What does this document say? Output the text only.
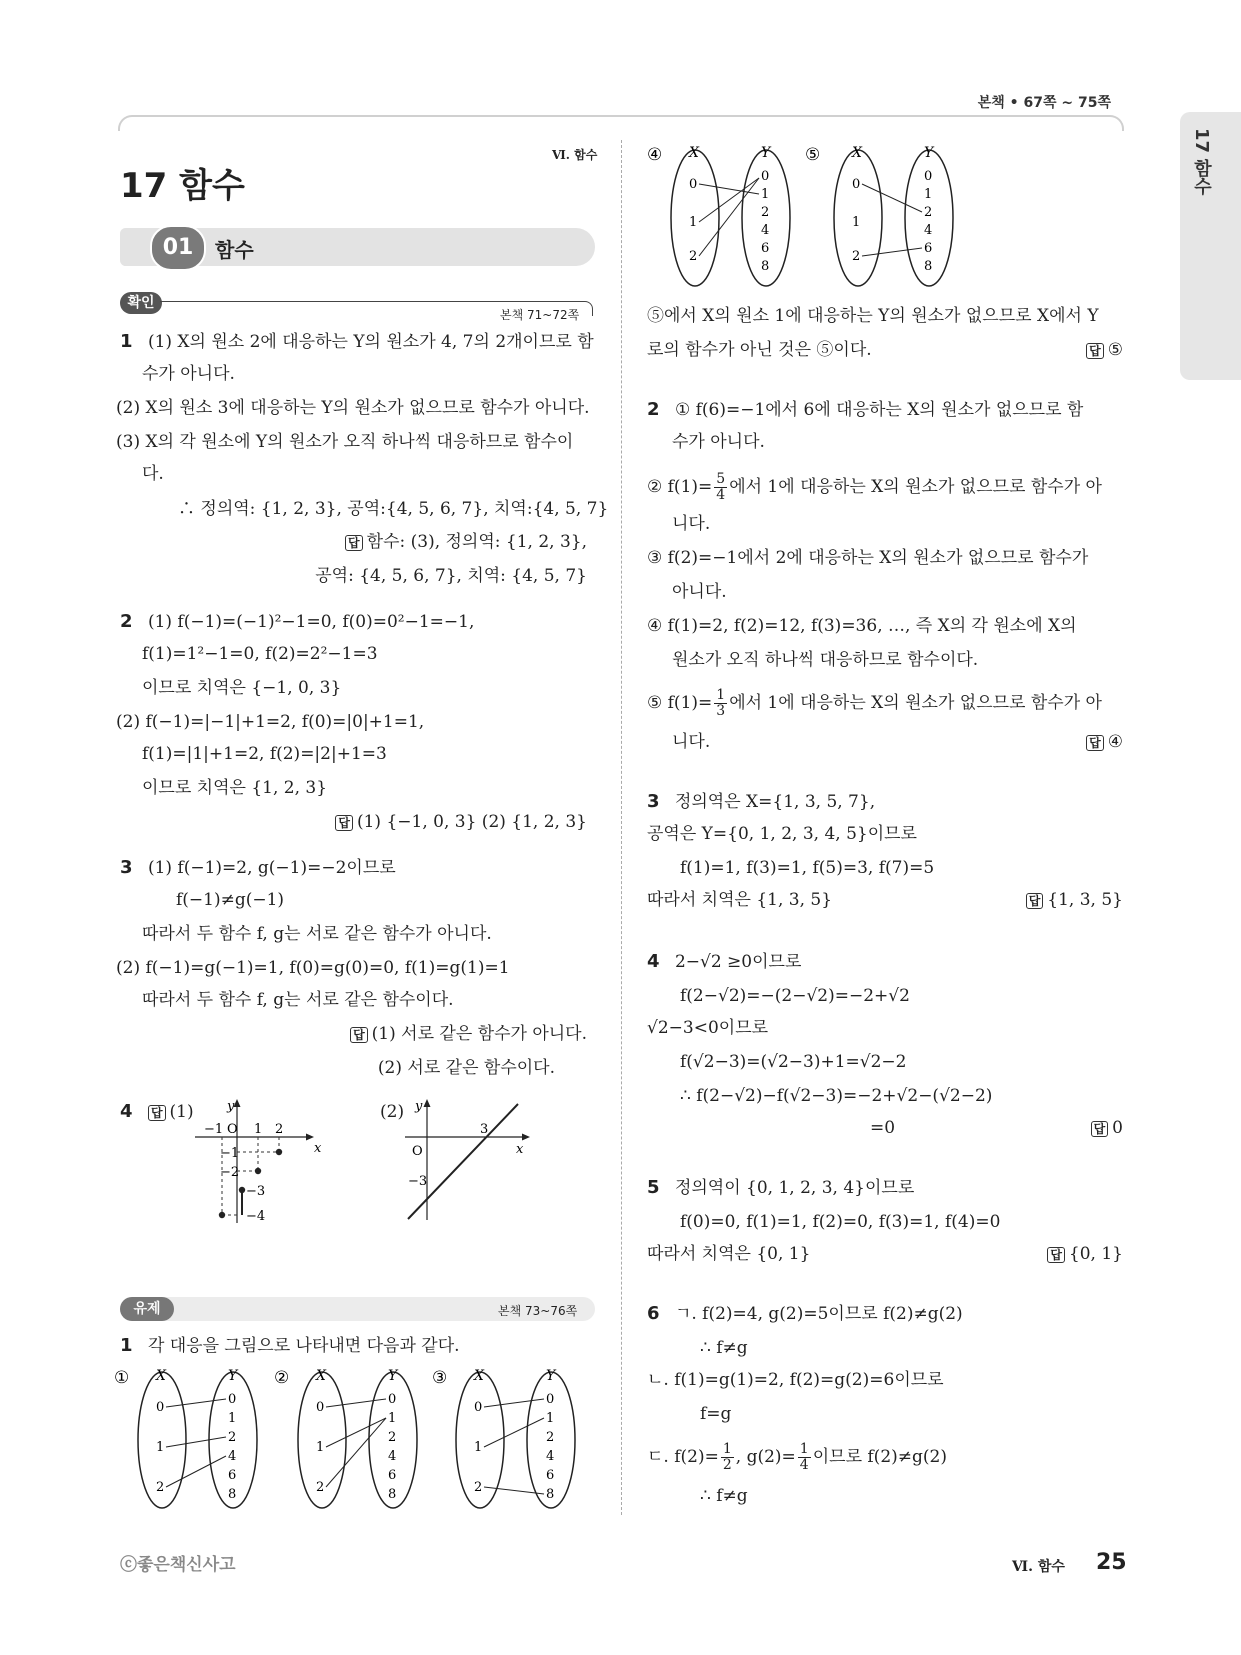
본책 • 67쪽 ~ 75쪽
17 함수
17 함수
Ⅵ. 함수
01	함수
확인
본책 71~72쪽
1 (1) X의 원소 2에 대응하는 Y의 원소가 4, 7의 2개이므로 함
수가 아니다.
(2) X의 원소 3에 대응하는 Y의 원소가 없으므로 함수가 아니다.
(3) X의 각 원소에 Y의 원소가 오직 하나씩 대응하므로 함수이
다.
∴ 정의역: {1, 2, 3}, 공역:{4, 5, 6, 7}, 치역:{4, 5, 7}
답 함수: (3), 정의역: {1, 2, 3},
공역: {4, 5, 6, 7}, 치역: {4, 5, 7}
2 (1) f(−1)=(−1)²−1=0, f(0)=0²−1=−1,
f(1)=1²−1=0, f(2)=2²−1=3
이므로 치역은 {−1, 0, 3}
(2) f(−1)=|−1|+1=2, f(0)=|0|+1=1,
f(1)=|1|+1=2, f(2)=|2|+1=3
이므로 치역은 {1, 2, 3}
답 (1) {−1, 0, 3} (2) {1, 2, 3}
3 (1) f(−1)=2, g(−1)=−2이므로
f(−1)≠g(−1)
따라서 두 함수 f, g는 서로 같은 함수가 아니다.
(2) f(−1)=g(−1)=1, f(0)=g(0)=0, f(1)=g(1)=1
따라서 두 함수 f, g는 서로 같은 함수이다.
답 (1) 서로 같은 함수가 아니다.
(2) 서로 같은 함수이다.
4 답 (1)	(2)
y
x
−1 O 1 2
−1
−2
−3
−4
y
x
O
3
−3
유제	본책 73~76쪽
1 각 대응을 그림으로 나타내면 다음과 같다.
① X	Y
0
1
2
0
1
2
4
6
8
② X	Y
0
1
2
0
1
2
4
6
8
③ X	Y
0
1
2
0
1
2
4
6
8
④ X	Y
0
1
2
0
1
2
4
6
8
⑤ X	Y
0
1
2
0
1
2
4
6
8
⑤에서 X의 원소 1에 대응하는 Y의 원소가 없으므로 X에서 Y
로의 함수가 아닌 것은 ⑤이다.	답 ⑤
2 ① f(6)=−1에서 6에 대응하는 X의 원소가 없으므로 함
수가 아니다.
② $f(1)= \frac{5}{4}$ 에서 1에 대응하는 X의 원소가 없으므로 함수가 아
니다.
③ f(2)=−1에서 2에 대응하는 X의 원소가 없으므로 함수가
아니다.
④ f(1)=2, f(2)=12, f(3)=36, …, 즉 X의 각 원소에 X의
원소가 오직 하나씩 대응하므로 함수이다.
⑤ $f(1)= \frac{1}{3}$ 에서 1에 대응하는 X의 원소가 없으므로 함수가 아
니다.	답 ④
3 정의역은 X={1, 3, 5, 7},
공역은 Y={0, 1, 2, 3, 4, 5}이므로
f(1)=1, f(3)=1, f(5)=3, f(7)=5
따라서 치역은 {1, 3, 5}	답 {1, 3, 5}
4 2−√2 ≥0이므로
f(2−√2)=−(2−√2)=−2+√2
√2−3<0이므로
f(√2−3)=(√2−3)+1=√2−2
∴ f(2−√2)−f(√2−3)=−2+√2−(√2−2)
=0	답 0
5 정의역이 {0, 1, 2, 3, 4}이므로
f(0)=0, f(1)=1, f(2)=0, f(3)=1, f(4)=0
따라서 치역은 {0, 1}	답 {0, 1}
6 ㄱ. f(2)=4, g(2)=5이므로 f(2)≠g(2)
∴ f≠g
ㄴ. f(1)=g(1)=2, f(2)=g(2)=6이므로
f=g
ㄷ. $f(2)= \frac{1}{2}$ , $g(2)= \frac{1}{4}$ 이므로 f(2)≠g(2)
∴ f≠g
ⓒ좋은책신사고	Ⅵ. 함수 25
